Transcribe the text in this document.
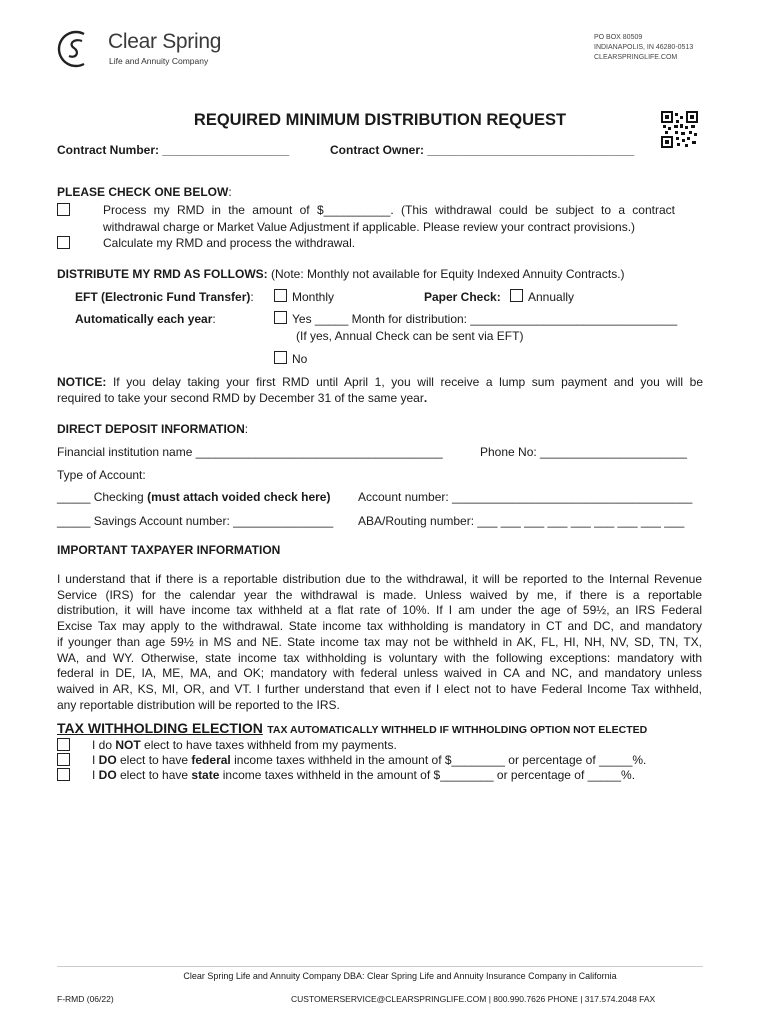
Clear Spring
Life and Annuity Company
PO BOX 80509
INDIANAPOLIS, IN 46280-0513
CLEARSPRINGLIFE.COM
REQUIRED MINIMUM DISTRIBUTION REQUEST
Contract Number: ___________________	Contract Owner: _______________________________
PLEASE CHECK ONE BELOW:
Process my RMD in the amount of $__________. (This withdrawal could be subject to a contract
withdrawal charge or Market Value Adjustment if applicable. Please review your contract provisions.)
Calculate my RMD and process the withdrawal.
DISTRIBUTE MY RMD AS FOLLOWS: (Note: Monthly not available for Equity Indexed Annuity Contracts.)
EFT (Electronic Fund Transfer):	Monthly	Paper Check: Annually
Automatically each year:	Yes _____ Month for distribution: _______________________________
(If yes, Annual Check can be sent via EFT)
No
NOTICE: If you delay taking your first RMD until April 1, you will receive a lump sum payment and you will be
required to take your second RMD by December 31 of the same year.
DIRECT DEPOSIT INFORMATION:
Financial institution name _____________________________________	Phone No: ______________________
Type of Account:
_____ Checking (must attach voided check here) Account number: ____________________________________
_____ Savings Account number: _______________ ABA/Routing number: ___ ___ ___ ___ ___ ___ ___ ___ ___
IMPORTANT TAXPAYER INFORMATION
I understand that if there is a reportable distribution due to the withdrawal, it will be reported to the Internal Revenue
Service (IRS) for the calendar year the withdrawal is made. Unless waived by me, if there is a reportable
distribution, it will have income tax withheld at a flat rate of 10%. If I am under the age of 59½, an IRS Federal
Excise Tax may apply to the withdrawal. State income tax withholding is mandatory in CT and DC, and mandatory
if younger than age 59½ in MS and NE. State income tax may not be withheld in AK, FL, HI, NH, NV, SD, TN, TX,
WA, and WY. Otherwise, state income tax withholding is voluntary with the following exceptions: mandatory with
federal in DE, IA, ME, MA, and OK; mandatory with federal unless waived in CA and NC, and mandatory unless
waived in AR, KS, MI, OR, and VT. I further understand that even if I elect not to have Federal Income Tax withheld,
any reportable distribution will be reported to the IRS.
TAX WITHHOLDING ELECTION TAX AUTOMATICALLY WITHHELD IF WITHHOLDING OPTION NOT ELECTED
I do NOT elect to have taxes withheld from my payments.
I DO elect to have federal income taxes withheld in the amount of $________ or percentage of _____%.
I DO elect to have state income taxes withheld in the amount of $________ or percentage of _____%.
Clear Spring Life and Annuity Company DBA: Clear Spring Life and Annuity Insurance Company in California
F-RMD (06/22)	CUSTOMERSERVICE@CLEARSPRINGLIFE.COM | 800.990.7626 PHONE | 317.574.2048 FAX
